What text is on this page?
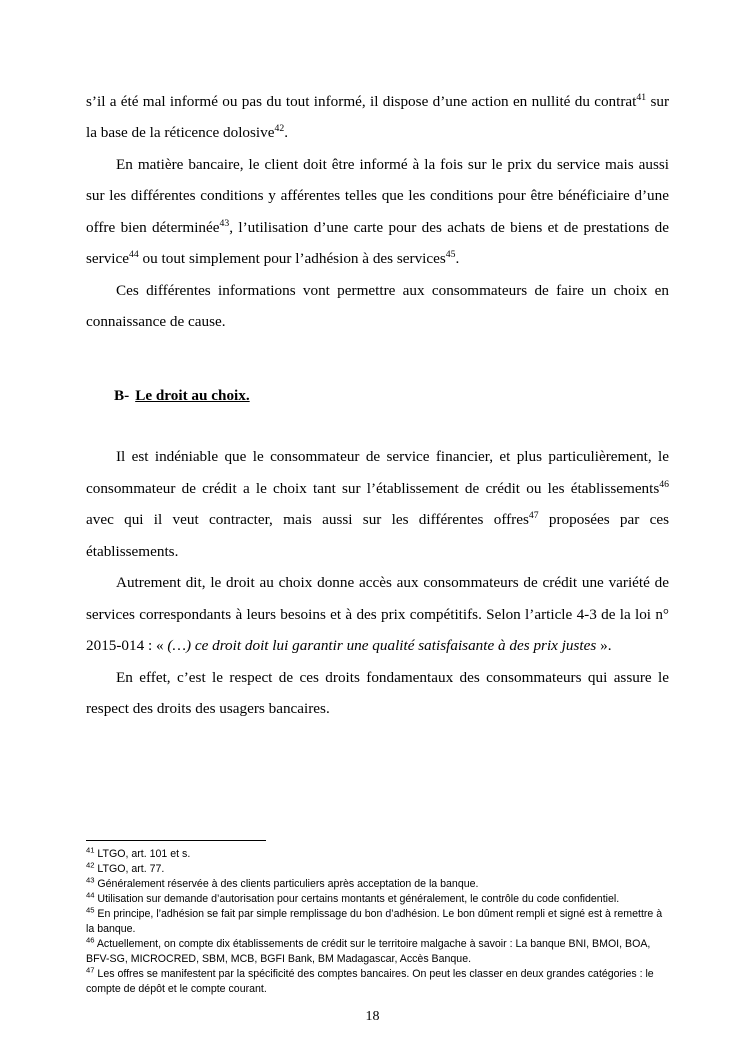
s’il a été mal informé ou pas du tout informé, il dispose d’une action en nullité du contrat$^{41}$ sur la base de la réticence dolosive$^{42}$.

En matière bancaire, le client doit être informé à la fois sur le prix du service mais aussi sur les différentes conditions y afférentes telles que les conditions pour être bénéficiaire d’une offre bien déterminée$^{43}$, l’utilisation d’une carte pour des achats de biens et de prestations de service$^{44}$ ou tout simplement pour l’adhésion à des services$^{45}$.

Ces différentes informations vont permettre aux consommateurs de faire un choix en connaissance de cause.

B- Le droit au choix.

Il est indéniable que le consommateur de service financier, et plus particulièrement, le consommateur de crédit a le choix tant sur l’établissement de crédit ou les établissements$^{46}$ avec qui il veut contracter, mais aussi sur les différentes offres$^{47}$ proposées par ces établissements.

Autrement dit, le droit au choix donne accès aux consommateurs de crédit une variété de services correspondants à leurs besoins et à des prix compétitifs. Selon l’article 4-3 de la loi n° 2015-014 : « (…) ce droit doit lui garantir une qualité satisfaisante à des prix justes ».

En effet, c’est le respect de ces droits fondamentaux des consommateurs qui assure le respect des droits des usagers bancaires.

$^{41}$ LTGO, art. 101 et s.

$^{42}$ LTGO, art. 77.

$^{43}$ Généralement réservée à des clients particuliers après acceptation de la banque.

$^{44}$ Utilisation sur demande d’autorisation pour certains montants et généralement, le contrôle du code confidentiel.

$^{45}$ En principe, l’adhésion se fait par simple remplissage du bon d’adhésion. Le bon dûment rempli et signé est à remettre à la banque.

$^{46}$ Actuellement, on compte dix établissements de crédit sur le territoire malgache à savoir : La banque BNI, BMOI, BOA, BFV-SG, MICROCRED, SBM, MCB, BGFI Bank, BM Madagascar, Accès Banque.

$^{47}$ Les offres se manifestent par la spécificité des comptes bancaires. On peut les classer en deux grandes catégories : le compte de dépôt et le compte courant.

18
